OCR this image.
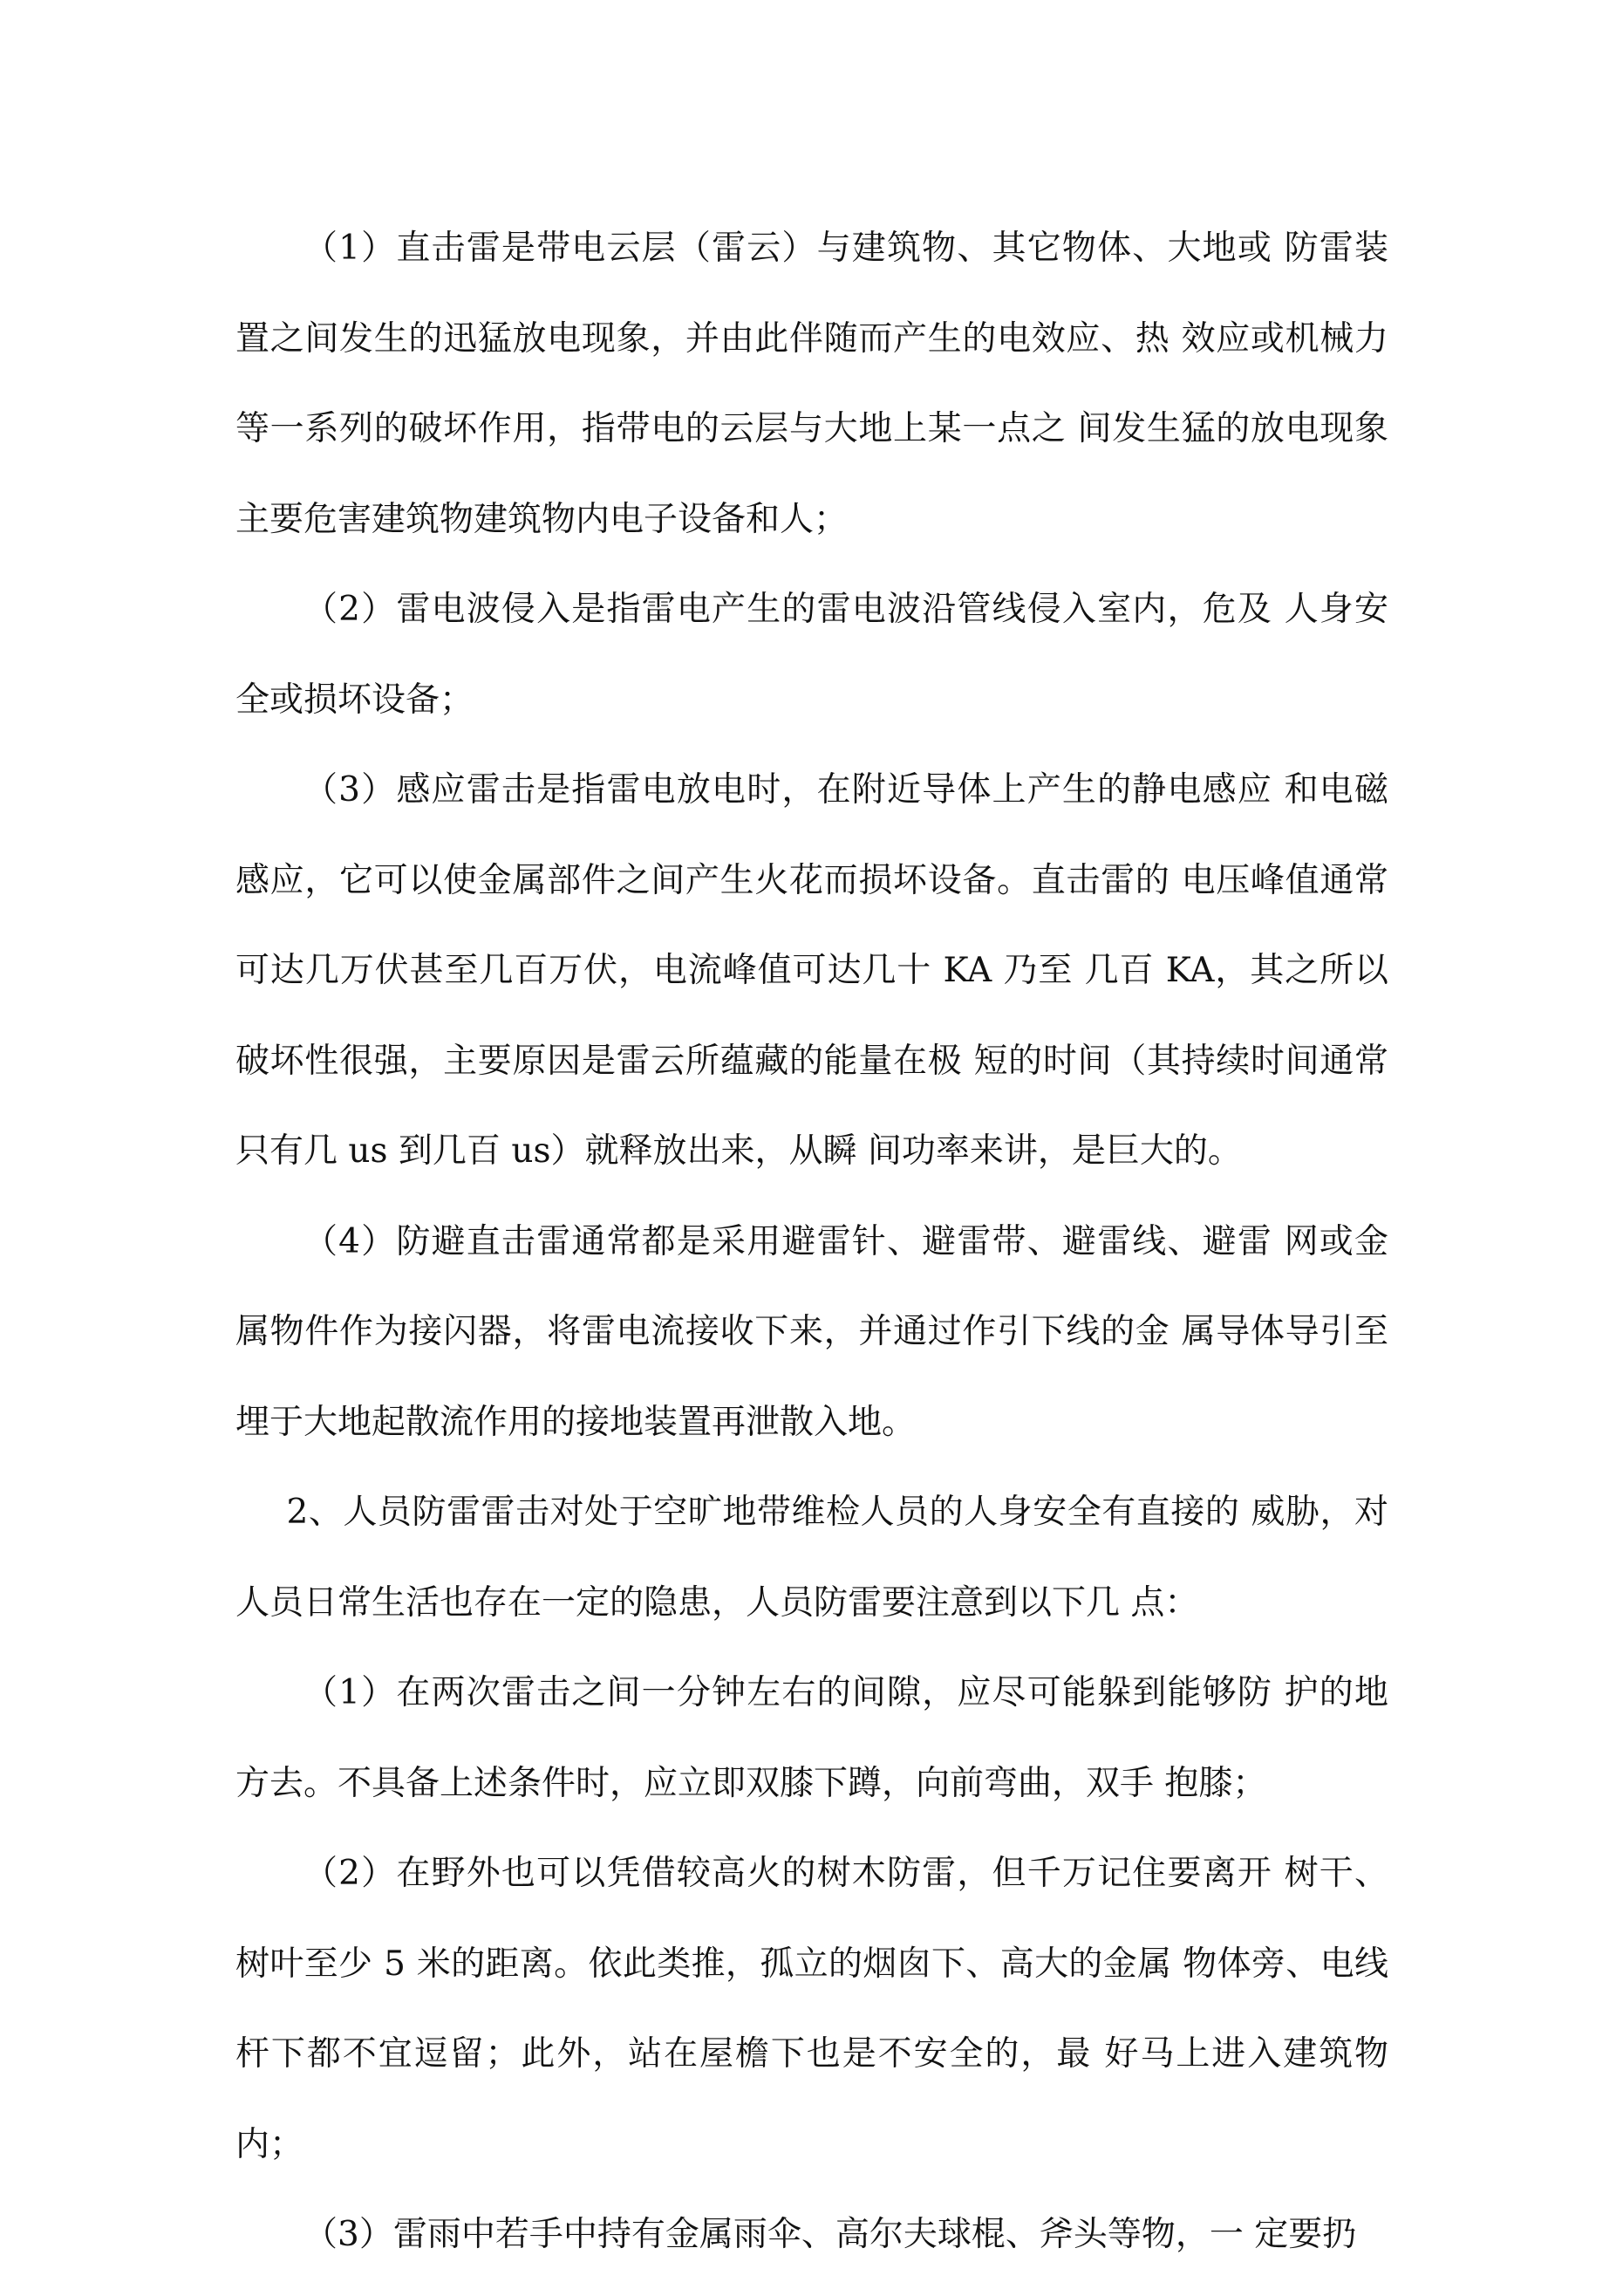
（1）直击雷是带电云层（雷云）与建筑物、其它物体、大地或 防雷装置之间发生的迅猛放电现象，并由此伴随而产生的电效应、热 效应或机械力等一系列的破坏作用，指带电的云层与大地上某一点之 间发生猛的放电现象主要危害建筑物建筑物内电子设备和人；

（2）雷电波侵入是指雷电产生的雷电波沿管线侵入室内，危及 人身安全或损坏设备；

（3）感应雷击是指雷电放电时，在附近导体上产生的静电感应 和电磁感应，它可以使金属部件之间产生火花而损坏设备。直击雷的 电压峰值通常可达几万伏甚至几百万伏，电流峰值可达几十 KA 乃至 几百 KA，其之所以破坏性很强，主要原因是雷云所蕴藏的能量在极 短的时间（其持续时间通常只有几 us 到几百 us）就释放出来，从瞬 间功率来讲，是巨大的。

（4）防避直击雷通常都是采用避雷针、避雷带、避雷线、避雷 网或金属物件作为接闪器，将雷电流接收下来，并通过作引下线的金 属导体导引至埋于大地起散流作用的接地装置再泄散入地。

2、人员防雷雷击对处于空旷地带维检人员的人身安全有直接的 威胁，对人员日常生活也存在一定的隐患，人员防雷要注意到以下几 点：

（1）在两次雷击之间一分钟左右的间隙，应尽可能躲到能够防 护的地方去。不具备上述条件时，应立即双膝下蹲，向前弯曲，双手 抱膝；

（2）在野外也可以凭借较高火的树木防雷，但千万记住要离开 树干、树叶至少 5 米的距离。依此类推，孤立的烟囱下、高大的金属 物体旁、电线杆下都不宜逗留；此外，站在屋檐下也是不安全的，最 好马上进入建筑物内；

（3）雷雨中若手中持有金属雨伞、高尔夫球棍、斧头等物，一 定要扔
